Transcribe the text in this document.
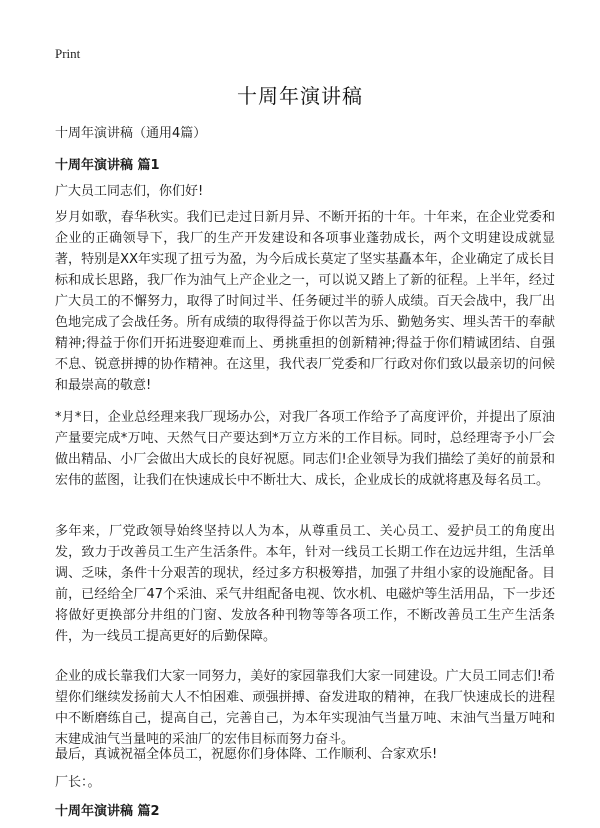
Print
十周年演讲稿
十周年演讲稿（通用4篇）
十周年演讲稿 篇1
广大员工同志们，你们好!

岁月如歌，春华秋实。我们已走过日新月异、不断开拓的十年。十年来，在企业党委和企业的正确领导下，我厂的生产开发建设和各项事业蓬勃成长，两个文明建设成就显著，特别是XX年实现了扭亏为盈，为今后成长莫定了坚实基矗本年，企业确定了成长目标和成长思路，我厂作为油气上产企业之一，可以说又踏上了新的征程。上半年，经过广大员工的不懈努力，取得了时间过半、任务硬过半的骄人成绩。百天会战中，我厂出色地完成了会战任务。所有成绩的取得得益于你以苦为乐、勤勉务实、埋头苦干的奉献精神;得益于你们开拓进娶迎难而上、勇挑重担的创新精神;得益于你们精诚团结、自强不息、锐意拼搏的协作精神。在这里，我代表厂党委和厂行政对你们致以最亲切的问候和最崇高的敬意!

*月*日，企业总经理来我厂现场办公，对我厂各项工作给予了高度评价，并提出了原油产量要完成*万吨、天然气日产要达到*万立方米的工作目标。同时，总经理寄予小厂会做出精品、小厂会做出大成长的良好祝愿。同志们!企业领导为我们描绘了美好的前景和宏伟的蓝图，让我们在快速成长中不断壮大、成长，企业成长的成就将惠及每名员工。

多年来，厂党政领导始终坚持以人为本，从尊重员工、关心员工、爱护员工的角度出发，致力于改善员工生产生活条件。本年，针对一线员工长期工作在边远井组，生活单调、乏味，条件十分艰苦的现状，经过多方积极筹措，加强了井组小家的设施配备。目前，已经给全厂47个采油、采气井组配备电视、饮水机、电磁炉等生活用品，下一步还将做好更换部分井组的门窗、发放各种刊物等等各项工作，不断改善员工生产生活条件，为一线员工提高更好的后勤保障。

企业的成长靠我们大家一同努力，美好的家园靠我们大家一同建设。广大员工同志们!希望你们继续发扬前大人不怕困难、顽强拼搏、奋发进取的精神，在我厂快速成长的进程中不断磨练自己，提高自己，完善自己，为本年实现油气当量万吨、末油气当量万吨和末建成油气当量吨的采油厂的宏伟目标而努力奋斗。

最后，真诚祝福全体员工，祝愿你们身体降、工作顺利、合家欢乐!
厂长：。
十周年演讲稿 篇2
